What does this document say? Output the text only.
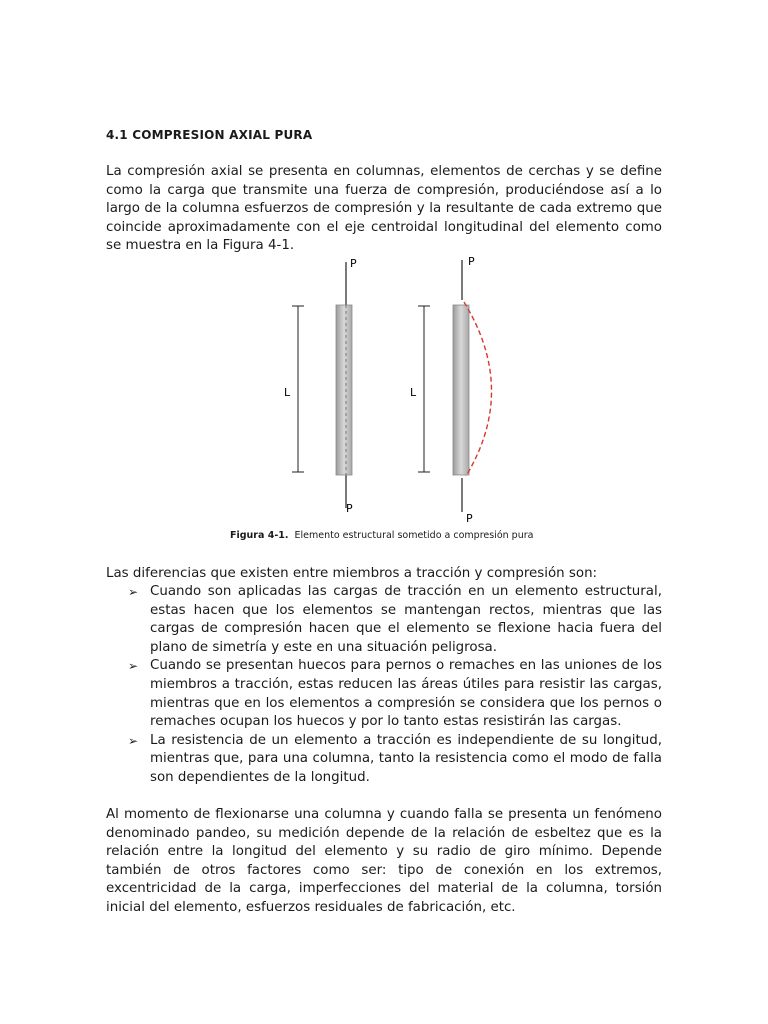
4.1 COMPRESION AXIAL PURA

La compresión axial se presenta en columnas, elementos de cerchas y se define como la carga que transmite una fuerza de compresión, produciéndose así a lo largo de la columna esfuerzos de compresión y la resultante de cada extremo que coincide aproximadamente con el eje centroidal longitudinal del elemento como se muestra en la Figura 4-1.

P
P
L
P
P
L
Figura 4-1. Elemento estructural sometido a compresión pura

Las diferencias que existen entre miembros a tracción y compresión son:

➢ Cuando son aplicadas las cargas de tracción en un elemento estructural, estas hacen que los elementos se mantengan rectos, mientras que las cargas de compresión hacen que el elemento se flexione hacia fuera del plano de simetría y este en una situación peligrosa.
➢ Cuando se presentan huecos para pernos o remaches en las uniones de los miembros a tracción, estas reducen las áreas útiles para resistir las cargas, mientras que en los elementos a compresión se considera que los pernos o remaches ocupan los huecos y por lo tanto estas resistirán las cargas.
➢ La resistencia de un elemento a tracción es independiente de su longitud, mientras que, para una columna, tanto la resistencia como el modo de falla son dependientes de la longitud.

Al momento de flexionarse una columna y cuando falla se presenta un fenómeno denominado pandeo, su medición depende de la relación de esbeltez que es la relación entre la longitud del elemento y su radio de giro mínimo. Depende también de otros factores como ser: tipo de conexión en los extremos, excentricidad de la carga, imperfecciones del material de la columna, torsión inicial del elemento, esfuerzos residuales de fabricación, etc.
